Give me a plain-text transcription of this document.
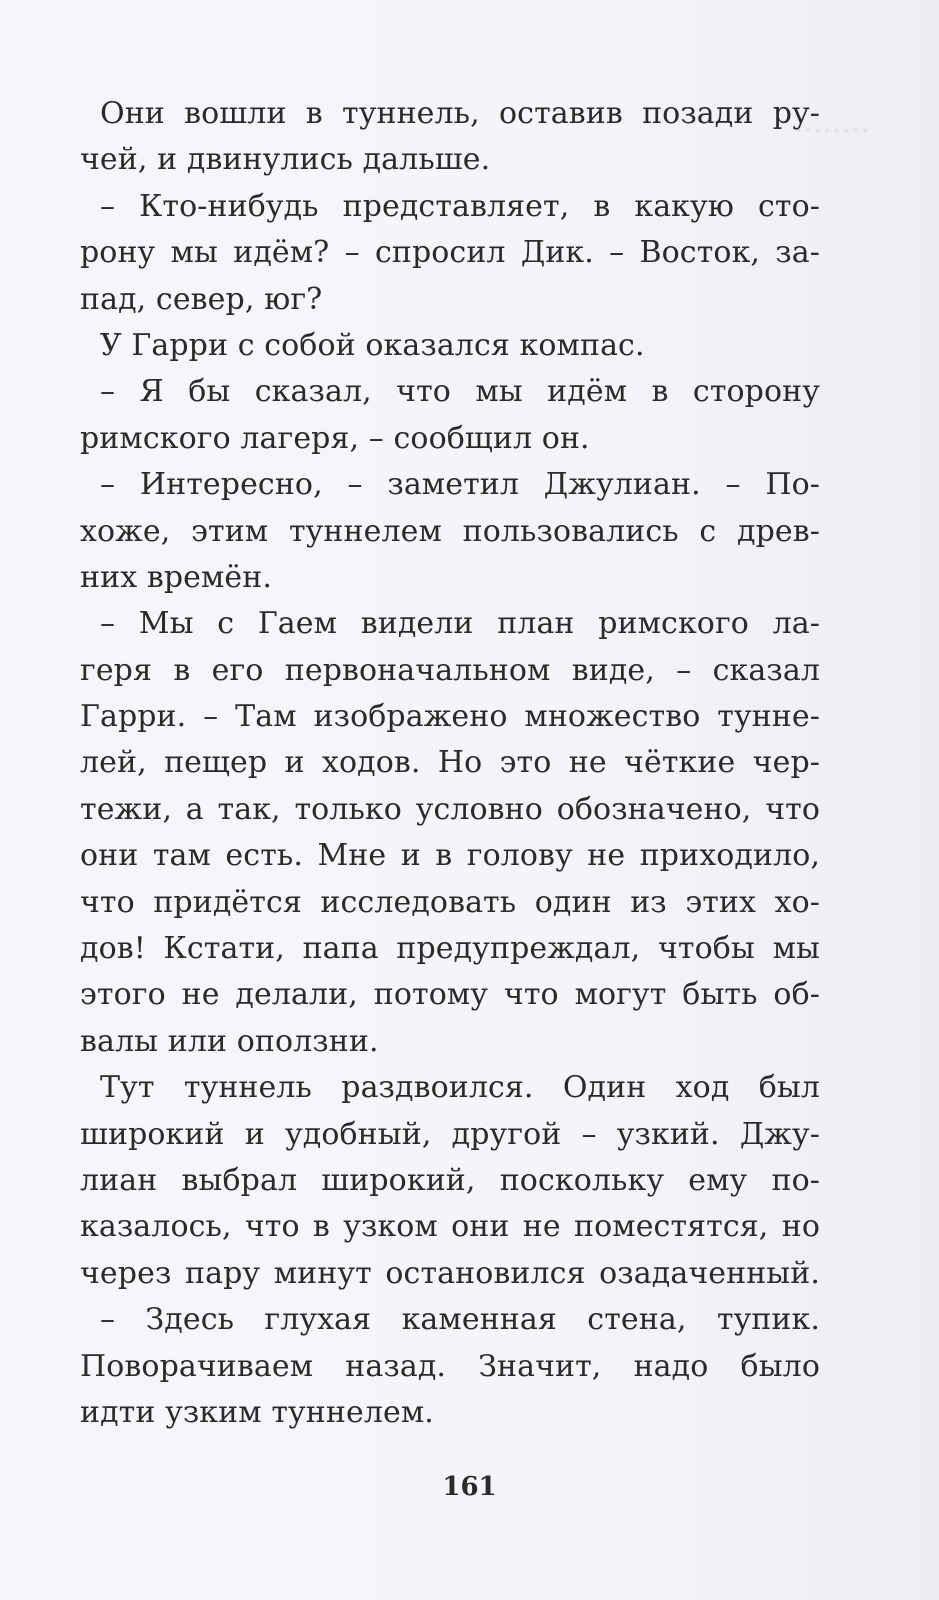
........

Они вошли в туннель, оставив позади ру-
чей, и двинулись дальше.
– Кто-нибудь представляет, в какую сто-
рону мы идём? – спросил Дик. – Восток, за-
пад, север, юг?
У Гарри с собой оказался компас.
– Я бы сказал, что мы идём в сторону
римского лагеря, – сообщил он.
– Интересно, – заметил Джулиан. – По-
хоже, этим туннелем пользовались с древ-
них времён.
– Мы с Гаем видели план римского ла-
геря в его первоначальном виде, – сказал
Гарри. – Там изображено множество тунне-
лей, пещер и ходов. Но это не чёткие чер-
тежи, а так, только условно обозначено, что
они там есть. Мне и в голову не приходило,
что придётся исследовать один из этих хо-
дов! Кстати, папа предупреждал, чтобы мы
этого не делали, потому что могут быть об-
валы или оползни.
Тут туннель раздвоился. Один ход был
широкий и удобный, другой – узкий. Джу-
лиан выбрал широкий, поскольку ему по-
казалось, что в узком они не поместятся, но
через пару минут остановился озадаченный.
– Здесь глухая каменная стена, тупик.
Поворачиваем назад. Значит, надо было
идти узким туннелем.
161
